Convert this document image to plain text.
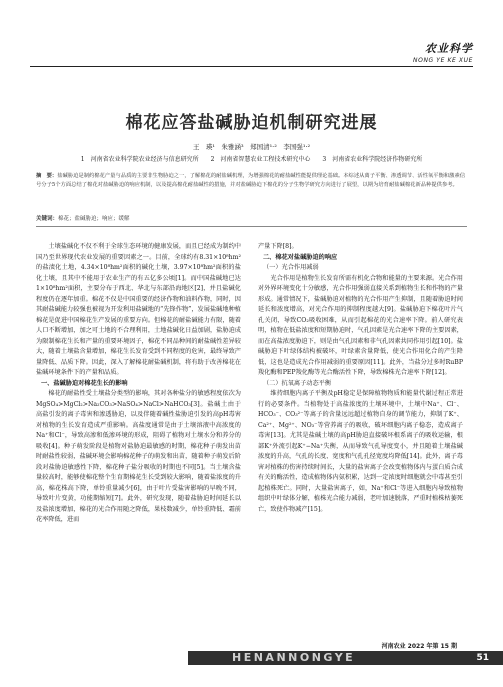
农业科学
NONG YE KE XUE
棉花应答盐碱胁迫机制研究进展
王　瑛¹　朱雅涵³　郑国清¹·²　李国强¹·²
1　河南省农业科学院农业经济与信息研究所　　2　河南省智慧农业工程技术研究中心　　3　河南省农业科学院经济作物研究所
摘　要：盐碱胁迫是制约棉花产量与品质的主要非生物胁迫之一，了解棉花的耐盐碱机理，为增强棉花的耐盐碱性能提供理论基础。本综述从离子平衡、渗透调节、活性氧平衡和激素信号分子5个方面总结了棉花对盐碱胁迫的响应机制，以及提高棉花耐盐碱性的措施，并对盐碱胁迫下棉花的分子生物学研究方向进行了展望，以期为培育耐盐碱棉花新品种提供参考。
关键词：棉花；盐碱胁迫；响应；缓解

土壤盐碱化不仅不利于全球生态环境的健康发展，而且已经成为制约中国乃至世界现代农业发展的重要因素之一。目前，全球约有8.31×10⁸hm²的盐渍化土地，4.34×10⁸hm²面积的碱化土壤，3.97×10⁸hm²面积的盐化土壤，且其中不能用于农业生产的有五亿多公顷[1]。而中国盐碱地已达1×10⁸hm²面积，主要分布于西北、华北与东部沿海地区[2]，并且盐碱化程度仍在逐年加重。棉花不仅是中国重要的经济作物和油料作物，同时，因其耐盐碱能力较强也被视为开发利用盐碱地的“先锋作物”，发展盐碱地种植棉花是促进中国棉花生产发展的重要方向。但棉花的耐盐碱能力有限，随着人口不断增加，加之可土地的不合理利用，土地盐碱化日益加剧，盐胁迫成为限制棉花生长和产量的重要环境因子，棉花不同品种间的耐盐碱性差异较大，随着土壤盐含量增加，棉花生长发育受到不同程度的危害，最终导致产量降低、品质下降。因此，深入了解棉花耐盐碱机制，将有助于改善棉花在盐碱环境条件下的产量和品质。

一、盐碱胁迫对棉花生长的影响

棉花的耐盐性受土壤盐分类型的影响，其对各种盐分的敏感程度依次为MgSO₄>MgCl₂>Na₂CO₃>NaSO₄>NaCl>NaHCO₃[3]。盐碱土由于高盐引发的离子毒害和渗透胁迫，以及伴随着碱性盐胁迫引发的高pH毒害对植物的生长发育造成严重影响。高盐度通常是由于土壤溶液中高浓度的Na⁺和Cl⁻，导致高渗和低渗环境的形成，阻碍了植物对土壤水分和养分的吸收[4]。种子萌发阶段是植物对盐胁迫最敏感的时期，棉花种子萌发出苗时耐盐性较弱，盐碱环境会影响棉花种子的萌发和出苗，随着种子萌发后阶段对盐胁迫敏感性下降，棉花种子盐分吸收的时期也不同[5]。当土壤含盐量较高时，能够使棉花整个生育期棉花生长受到较大影响，随着盐浓度的升高，棉花株高下降，单铃重量减少[6]，由于叶片受盐害影响的早晚不同，导致叶片变黄，功能期缩短[7]。此外，研究发现，随着盐胁迫时间延长以及盐浓度增加，棉花的光合作用随之降低，果枝数减少，单铃重降低、霜前花率降低，进而

产量下降[8]。

二、棉花对盐碱胁迫的响应
（一）光合作用减弱

光合作用是植物生长发育所需有机化合物和能量的主要来源。光合作用对外界环境变化十分敏感，光合作用强弱直接关系到植物生长和作物的产量形成。通常情况下，盐碱胁迫对植物的光合作用产生抑制，且随着胁迫时间延长和浓度增高，对光合作用的抑制程度越大[9]。盐碱胁迫下棉花叶片气孔关闭，导致CO₂吸收困难，从而引起棉花的光合速率下降。前人研究表明，植物在低盐浓度和短期胁迫时，气孔因素是光合速率下降的主要因素，而在高盐浓度胁迫下，则是由气孔因素和非气孔因素共同作用引起[10]。盐碱胁迫下叶绿体结构被破坏，叶绿素含量降低，使光合作用化合的产生降低，这也是造成光合作用减弱的重要原因[11]。此外，当盐分过多时RuBP羧化酶和PEP羧化酶等光合酶活性下降，导致棉株光合速率下降[12]。

（二）抗氧离子动态平衡

维持细胞内离子平衡及pH稳定是保障植物物质和能量代谢过程正常进行的必要条件。当植物处于高盐浓度的土壤环境中，土壤中Na⁺、Cl⁻、HCO₃⁻、CO₃²⁻等离子的含量远远超过植物自身的调节能力，抑制了K⁺、Ca²⁺、Mg²⁺、NO₃⁻等营养离子的吸收，破坏细胞内离子稳态，造成离子毒害[13]。尤其是盐碱土壤的高pH胁迫直接破坏根系离子的吸收运输，根部K⁺外流引起K⁺−Na⁺失衡，从而导致气孔导度变小，并且随着土壤盐碱浓度的升高，气孔的长度、宽度和气孔孔径宽度均降低[14]。此外，离子毒害对植株的伤害持续时间长，大量的盐害离子会改变植物体内与蛋白质合成有关的酶活性，造成植物体内氨积累，达到一定浓度时细胞就会中毒甚至引起植株死亡。同时，大量盐害离子，如，Na⁺和Cl⁻等进入细胞内导致植物组织中叶绿体分解，植株光合能力减弱，老叶加速脱落，严重时植株枯萎死亡，致使作物减产[15]。

河南农业 2022 年第 15 期
HENANNONGYE	51
